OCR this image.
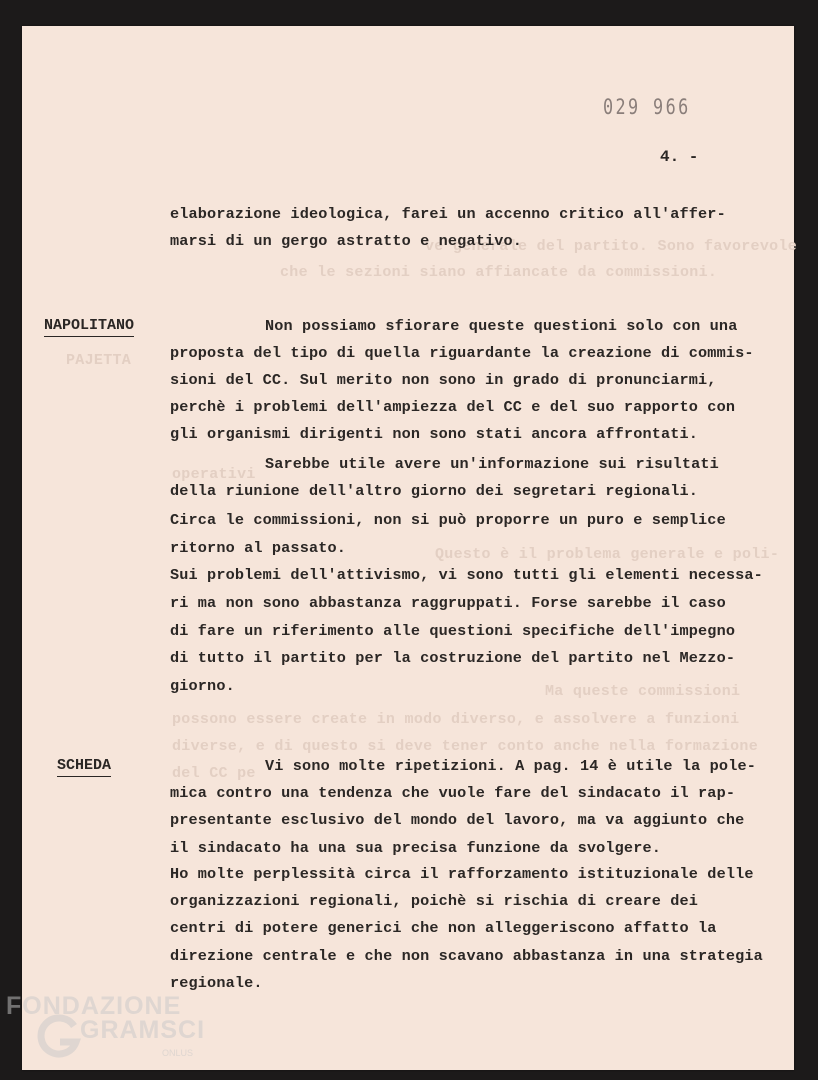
PAJETTA
ve generale del partito. Sono favorevole
che le sezioni siano affiancate da commissioni.
operativi
Questo è il problema generale e poli-
Ma queste commissioni
possono essere create in modo diverso, e assolvere a funzioni
diverse, e di questo si deve tener conto anche nella formazione
del CC pe
029 966
4. -
elaborazione ideologica, farei un accenno critico all'affer-
marsi di un gergo astratto e negativo.
NAPOLITANO	Non possiamo sfiorare queste questioni solo con una
proposta del tipo di quella riguardante la creazione di commis-
sioni del CC. Sul merito non sono in grado di pronunciarmi,
perchè i problemi dell'ampiezza del CC e del suo rapporto con
gli organismi dirigenti non sono stati ancora affrontati.
Sarebbe utile avere un'informazione sui risultati
della riunione dell'altro giorno dei segretari regionali.
Circa le commissioni, non si può proporre un puro e semplice
ritorno al passato.
Sui problemi dell'attivismo, vi sono tutti gli elementi necessa-
ri ma non sono abbastanza raggruppati. Forse sarebbe il caso
di fare un riferimento alle questioni specifiche dell'impegno
di tutto il partito per la costruzione del partito nel Mezzo-
giorno.
SCHEDA	Vi sono molte ripetizioni. A pag. 14 è utile la pole-
mica contro una tendenza che vuole fare del sindacato il rap-
presentante esclusivo del mondo del lavoro, ma va aggiunto che
il sindacato ha una sua precisa funzione da svolgere.
Ho molte perplessità circa il rafforzamento istituzionale delle
organizzazioni regionali, poichè si rischia di creare dei
centri di potere generici che non alleggeriscono affatto la
direzione centrale e che non scavano abbastanza in una strategia
regionale.
FONDAZIONE
GRAMSCI
ONLUS
